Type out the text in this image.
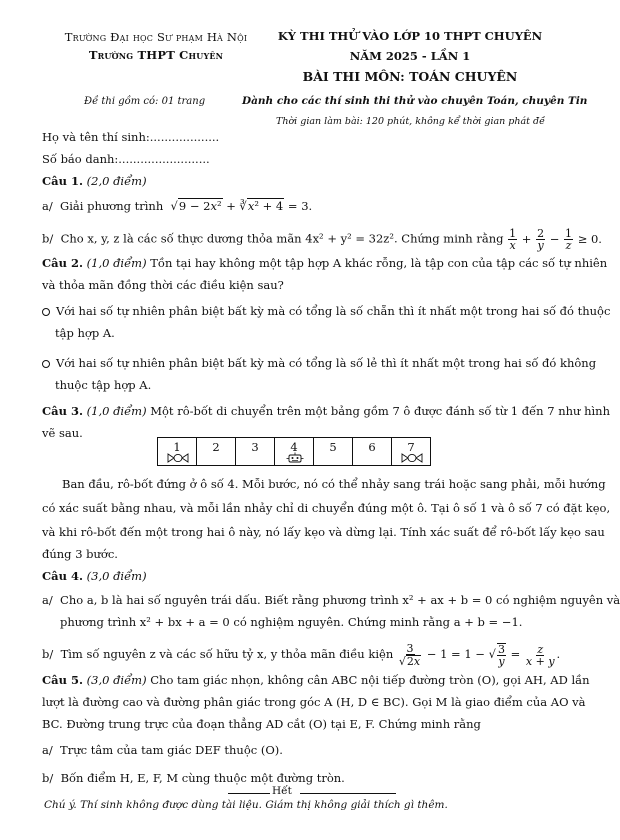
Trường Đại học Sư phạm Hà Nội
Trường THPT Chuyên
KỲ THI THỬ VÀO LỚP 10 THPT CHUYÊN
NĂM 2025 - LẦN 1
BÀI THI MÔN: TOÁN CHUYÊN
Đề thi gồm có: 01 trang	Dành cho các thí sinh thi thử vào chuyên Toán, chuyên Tin
Thời gian làm bài: 120 phút, không kể thời gian phát đề
Họ và tên thí sinh:...................
Số báo danh:.........................
Câu 1. (2,0 điểm)
a/ Giải phương trình  √9 − 2x² + ∛x² + 4 = 3.
b/ Cho x, y, z là các số thực dương thỏa mãn 4x² + y² = 32z². Chứng minh rằng $\frac{1}{x} + \frac{2}{y} - \frac{1}{z} \ge 0$.
Câu 2. (1,0 điểm) Tồn tại hay không một tập hợp A khác rỗng, là tập con của tập các số tự nhiên
và thỏa mãn đồng thời các điều kiện sau?
Với hai số tự nhiên phân biệt bất kỳ mà có tổng là số chẵn thì ít nhất một trong hai số đó thuộc
tập hợp A.
Với hai số tự nhiên phân biệt bất kỳ mà có tổng là số lẻ thì ít nhất một trong hai số đó không
thuộc tập hợp A.
Câu 3. (1,0 điểm) Một rô-bốt di chuyển trên một bảng gồm 7 ô được đánh số từ 1 đến 7 như hình
vẽ sau.
1	2	3	4	5	6	7
Ban đầu, rô-bốt đứng ở ô số 4. Mỗi bước, nó có thể nhảy sang trái hoặc sang phải, mỗi hướng
có xác suất bằng nhau, và mỗi lần nhảy chỉ di chuyển đúng một ô. Tại ô số 1 và ô số 7 có đặt kẹo,
và khi rô-bốt đến một trong hai ô này, nó lấy kẹo và dừng lại. Tính xác suất để rô-bốt lấy kẹo sau
đúng 3 bước.
Câu 4. (3,0 điểm)
a/ Cho a, b là hai số nguyên trái dấu. Biết rằng phương trình x² + ax + b = 0 có nghiệm nguyên và
phương trình x² + bx + a = 0 có nghiệm nguyên. Chứng minh rằng a + b = −1.
b/ Tìm số nguyên z và các số hữu tỷ x, y thỏa mãn điều kiện $\frac{3}{√2x} - 1 = 1$ − √ $\frac{3}{y} = \frac{z}{x + y}$ .
Câu 5. (3,0 điểm) Cho tam giác nhọn, không cân ABC nội tiếp đường tròn (O), gọi AH, AD lần
lượt là đường cao và đường phân giác trong góc A (H, D ∈ BC). Gọi M là giao điểm của AO và
BC. Đường trung trực của đoạn thẳng AD cắt (O) tại E, F. Chứng minh rằng
a/ Trực tâm của tam giác DEF thuộc (O).
b/ Bốn điểm H, E, F, M cùng thuộc một đường tròn.
Hết
Chú ý. Thí sinh không được dùng tài liệu. Giám thị không giải thích gì thêm.
